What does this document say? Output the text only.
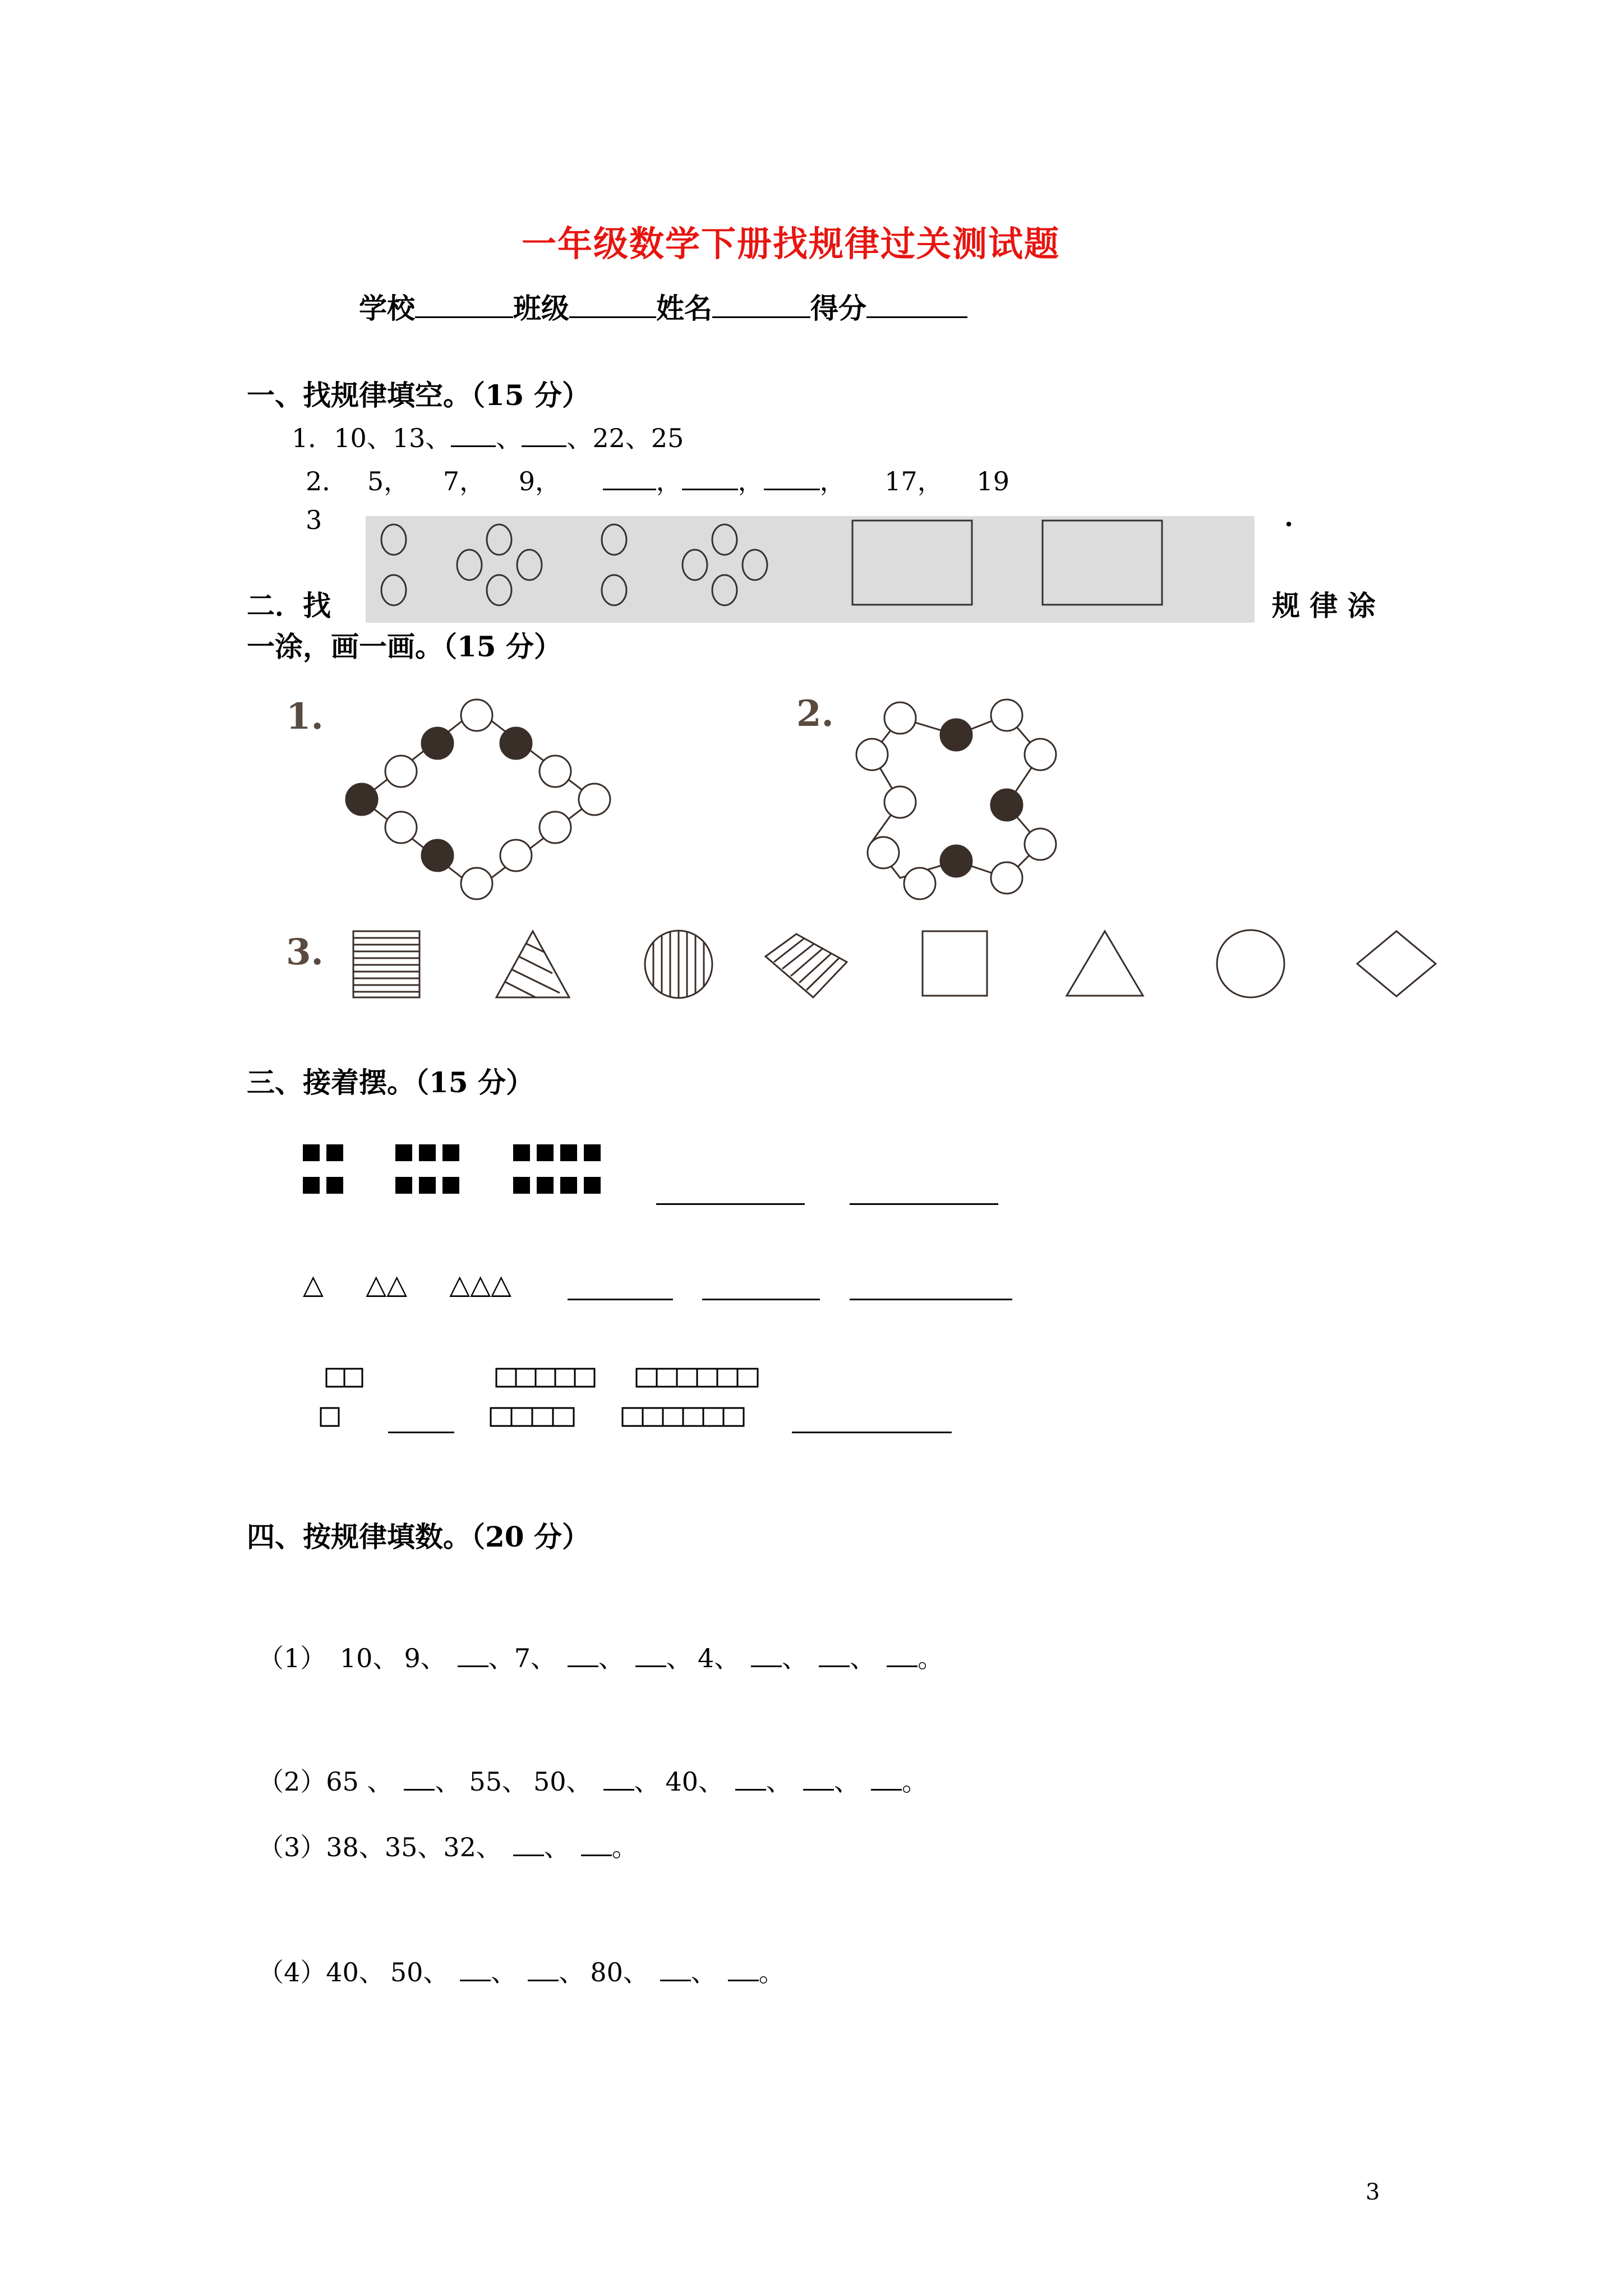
一年级数学下册找规律过关测试题
学校	班级	姓名	得分
一、找规律填空。（15 分）
1．10、13、 、 、22、25
2． 5， 7， 9，	， ， ， 17， 19
3	.
二．找	规 律 涂
一涂，画一画。（15 分）
1.	2.
3.
三、接着摆。（15 分）
△ △△ △△△
四、按规律填数。（20 分）
（1） 10、 9、 、7、 、 、 4、 、 、 。
（2）65 、 、 55、 50、 、 40、 、 、 。
（3）38、35、32、 、 。
（4）40、 50、 、 、 80、 、 。
3
